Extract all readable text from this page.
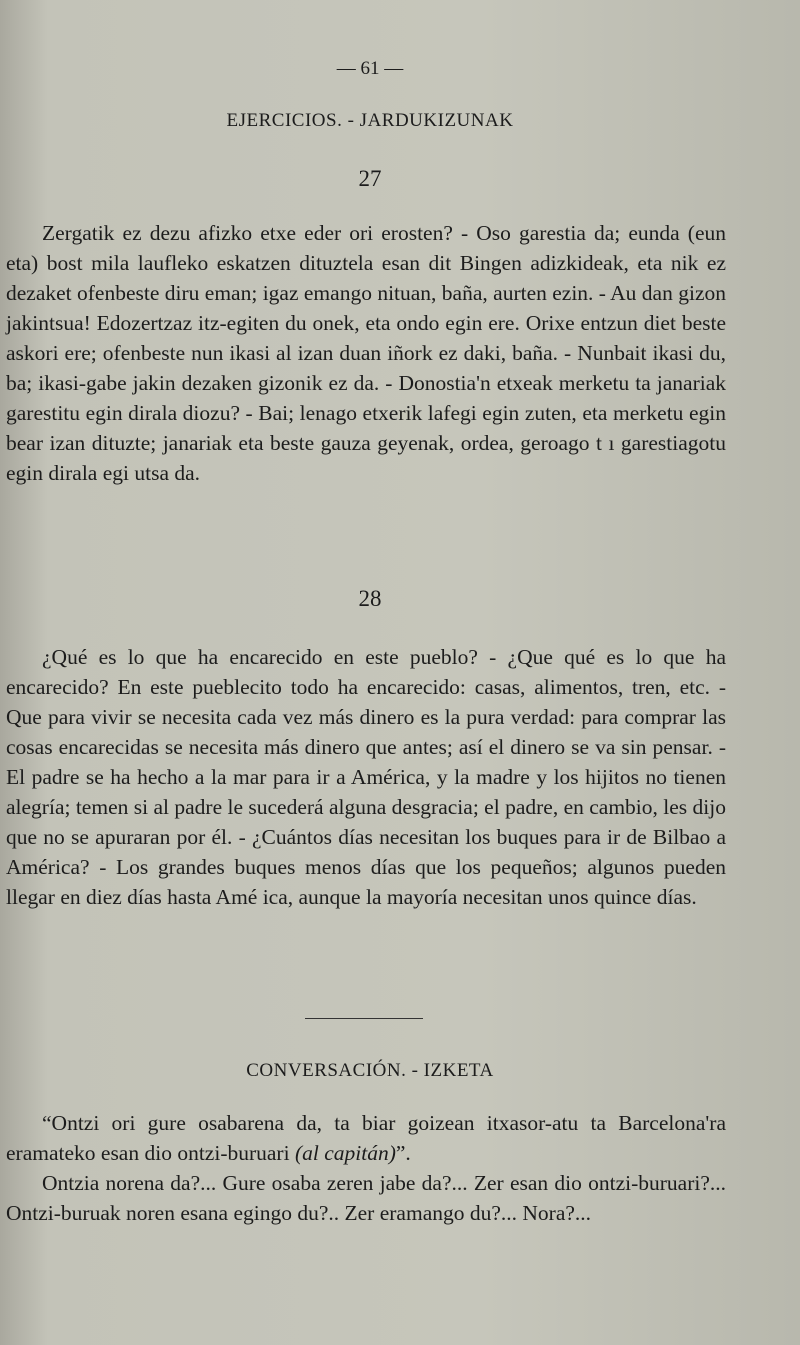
— 61 —
EJERCICIOS. - JARDUKIZUNAK
27

Zergatik ez dezu afizko etxe eder ori erosten? - Oso garestia da; eunda (eun eta) bost mila laufleko eskatzen dituztela esan dit Bingen adizkideak, eta nik ez dezaket ofenbeste diru eman; igaz emango nituan, baña, aurten ezin. - Au dan gizon jakintsua! Edozertzaz itz-egiten du onek, eta ondo egin ere. Orixe entzun diet beste askori ere; ofenbeste nun ikasi al izan duan iñork ez daki, baña. - Nunbait ikasi du, ba; ikasi-gabe jakin dezaken gizonik ez da. - Donostia'n etxeak merketu ta janariak garestitu egin dirala diozu? - Bai; lenago etxerik lafegi egin zuten, eta merketu egin bear izan dituzte; janariak eta beste gauza geyenak, ordea, geroago t ı garestiagotu egin dirala egi utsa da.

28

¿Qué es lo que ha encarecido en este pueblo? - ¿Que qué es lo que ha encarecido? En este pueblecito todo ha encarecido: casas, alimentos, tren, etc. - Que para vivir se necesita cada vez más dinero es la pura verdad: para comprar las cosas encarecidas se necesita más dinero que antes; así el dinero se va sin pensar. - El padre se ha hecho a la mar para ir a América, y la madre y los hijitos no tienen alegría; temen si al padre le sucederá alguna desgracia; el padre, en cambio, les dijo que no se apuraran por él. - ¿Cuántos días necesitan los buques para ir de Bilbao a América? - Los grandes buques menos días que los pequeños; algunos pueden llegar en diez días hasta Amé ica, aunque la mayoría necesitan unos quince días.

CONVERSACIÓN. - IZKETA

“Ontzi ori gure osabarena da, ta biar goizean itxasor-atu ta Barcelona'ra eramateko esan dio ontzi-buruari (al capitán)”.

Ontzia norena da?... Gure osaba zeren jabe da?... Zer esan dio ontzi-buruari?... Ontzi-buruak noren esana egingo du?.. Zer eramango du?... Nora?...
